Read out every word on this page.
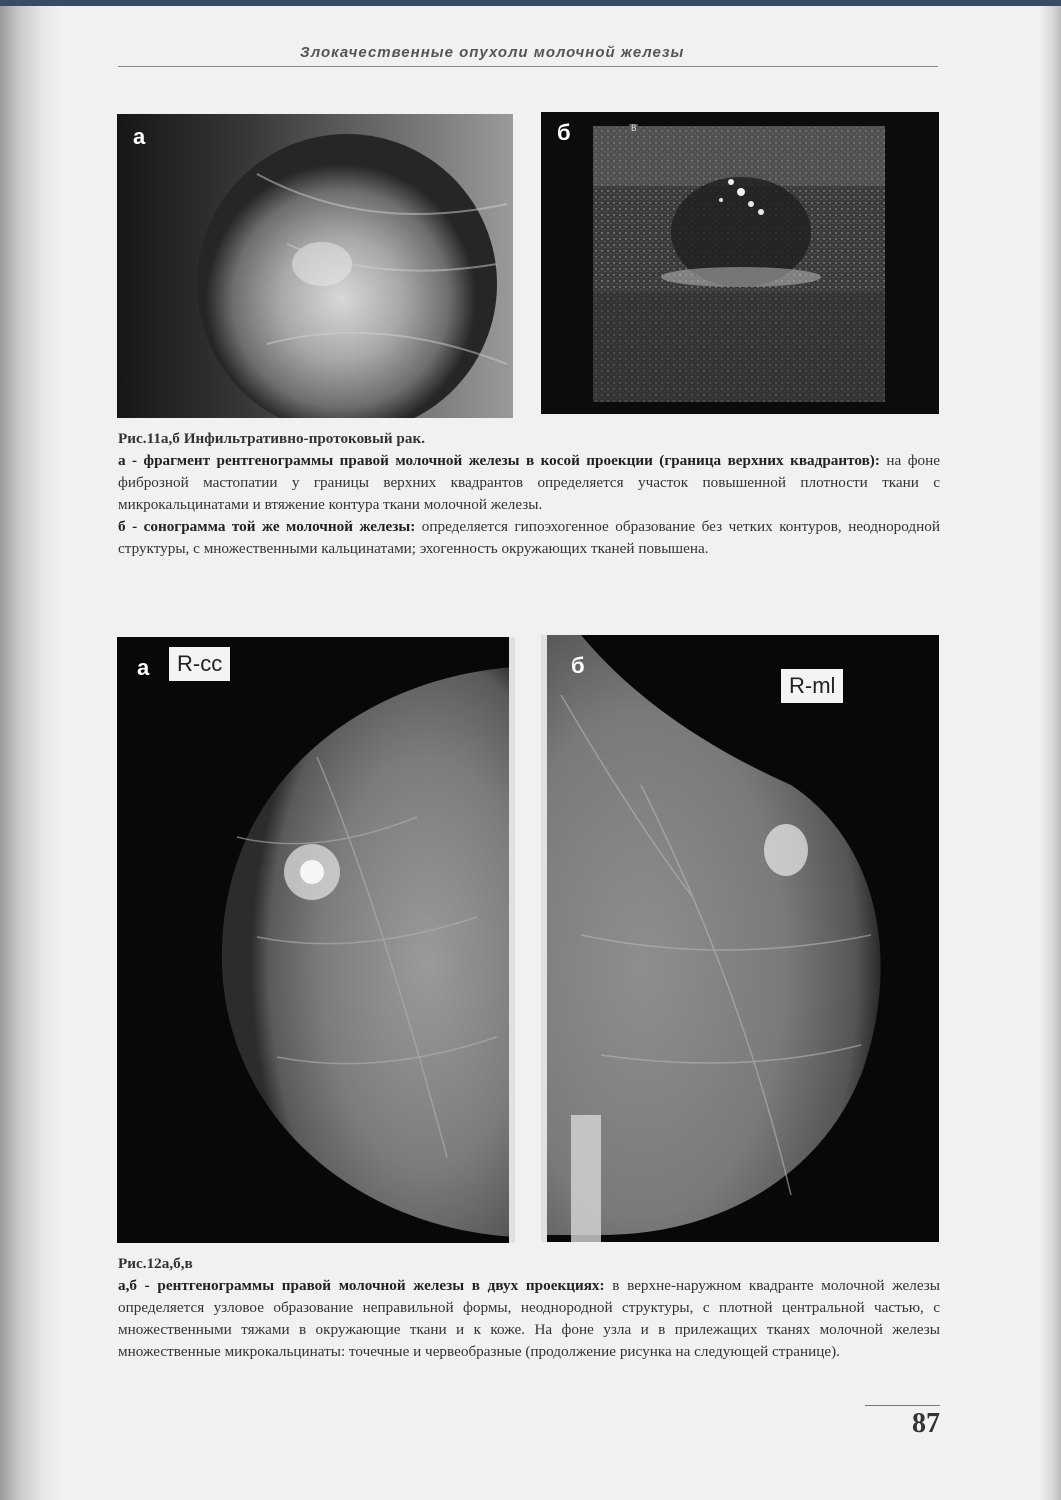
Злокачественные опухоли молочной железы
а	б	B
Рис.11а,б Инфильтративно-протоковый рак.
а - фрагмент рентгенограммы правой молочной железы в косой проекции (граница верхних квадрантов): на фоне фиброзной мастопатии у границы верхних квадрантов определяется участок повышенной плотности ткани с микрокальцинатами и втяжение контура ткани молочной железы.
б - сонограмма той же молочной железы: определяется гипоэхогенное образование без четких контуров, неоднородной структуры, с множественными кальцинатами; эхогенность окружающих тканей повышена.
а	R-cc	б
R-ml
Рис.12а,б,в
а,б - рентгенограммы правой молочной железы в двух проекциях: в верхне-наружном квадранте молочной железы определяется узловое образование неправильной формы, неоднородной структуры, с плотной центральной частью, с множественными тяжами в окружающие ткани и к коже. На фоне узла и в прилежащих тканях молочной железы множественные микрокальцинаты: точечные и червеобразные (продолжение рисунка на следующей странице).
87
